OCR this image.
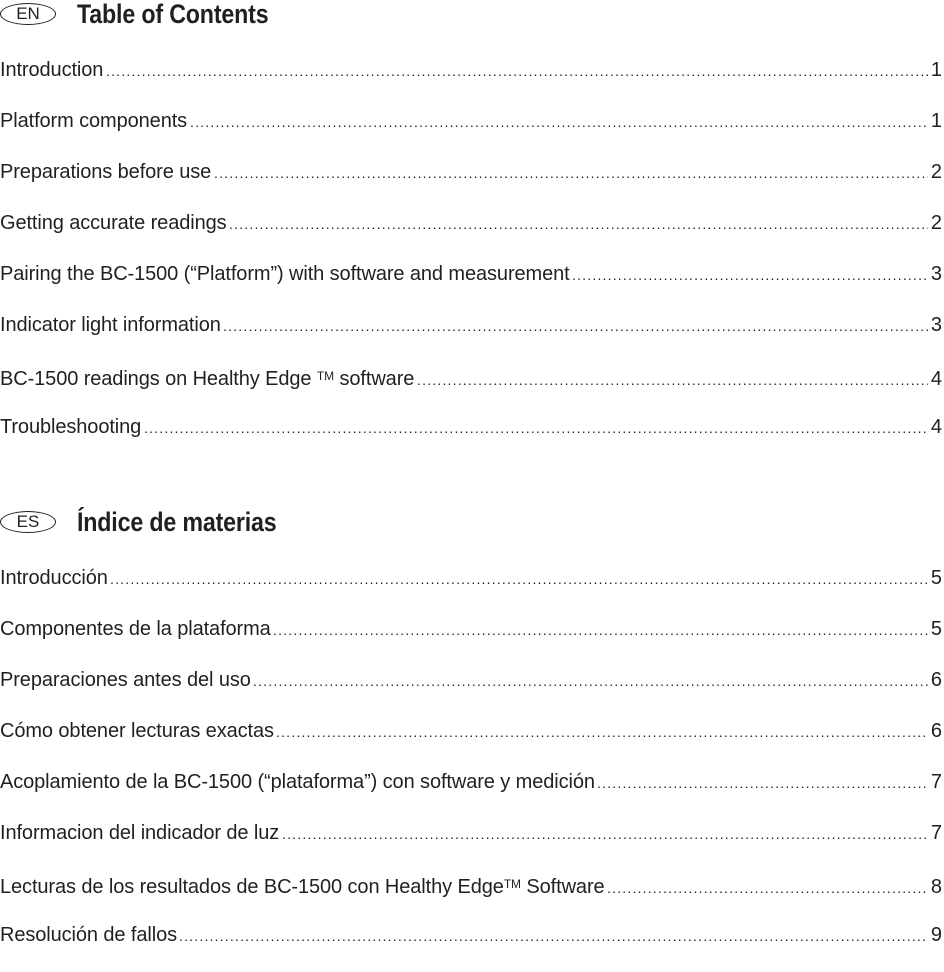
EN	Table of Contents
Introduction .....	1
Platform components .....	1
Preparations before use .....	2
Getting accurate readings .....	2
Pairing the BC-1500 (“Platform”) with software and measurement .....	3
Indicator light information .....	3
BC-1500 readings on Healthy Edge ™ software .....	4
Troubleshooting .....	4
ES	Índice de materias
Introducción .....	5
Componentes de la plataforma .....	5
Preparaciones antes del uso .....	6
Cómo obtener lecturas exactas .....	6
Acoplamiento de la BC-1500 (“plataforma”) con software y medición .....	7
Informacion del indicador de luz .....	7
Lecturas de los resultados de BC-1500 con Healthy Edge™ Software .....	8
Resolución de fallos .....	9
